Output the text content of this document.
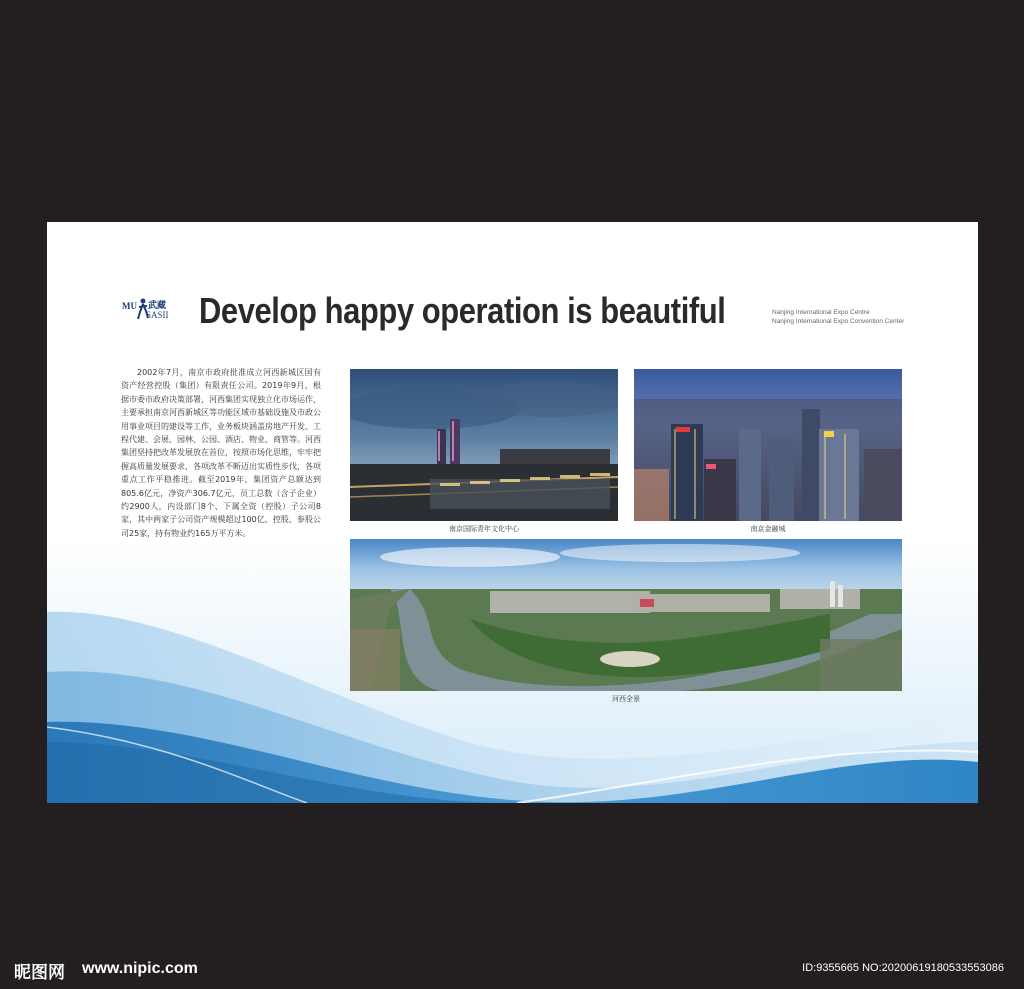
MU 武藏
SASII Develop happy operation is beautiful	Nanjing International Expo Centre
Nanjing International Expo Convention Center

2002年7月，南京市政府批准成立河西新城区国有资产经营控股（集团）有限责任公司。2019年9月，根据市委市政府决策部署，河西集团实现独立化市场运作，主要承担南京河西新城区等功能区域市基础设施及市政公用事业项目的建设等工作，业务板块涵盖房地产开发、工程代建、会展、园林、公园、酒店、物业、商管等。河西集团坚持把改革发展放在首位，按照市场化思维，牢牢把握高质量发展要求，各项改革不断迈出实质性步伐，各项重点工作平稳推进。截至2019年，集团资产总额达到805.6亿元，净资产306.7亿元，员工总数（含子企业）约2900人，内设部门8个、下属全资（控股）子公司8家，其中两家子公司资产规模超过100亿，控股、参股公司25家，持有物业约165万平方米。	南京国际青年文化中心	南京金融城
河西全景
昵图网 www.nipic.com	ID:9355665 NO:20200619180533553086
